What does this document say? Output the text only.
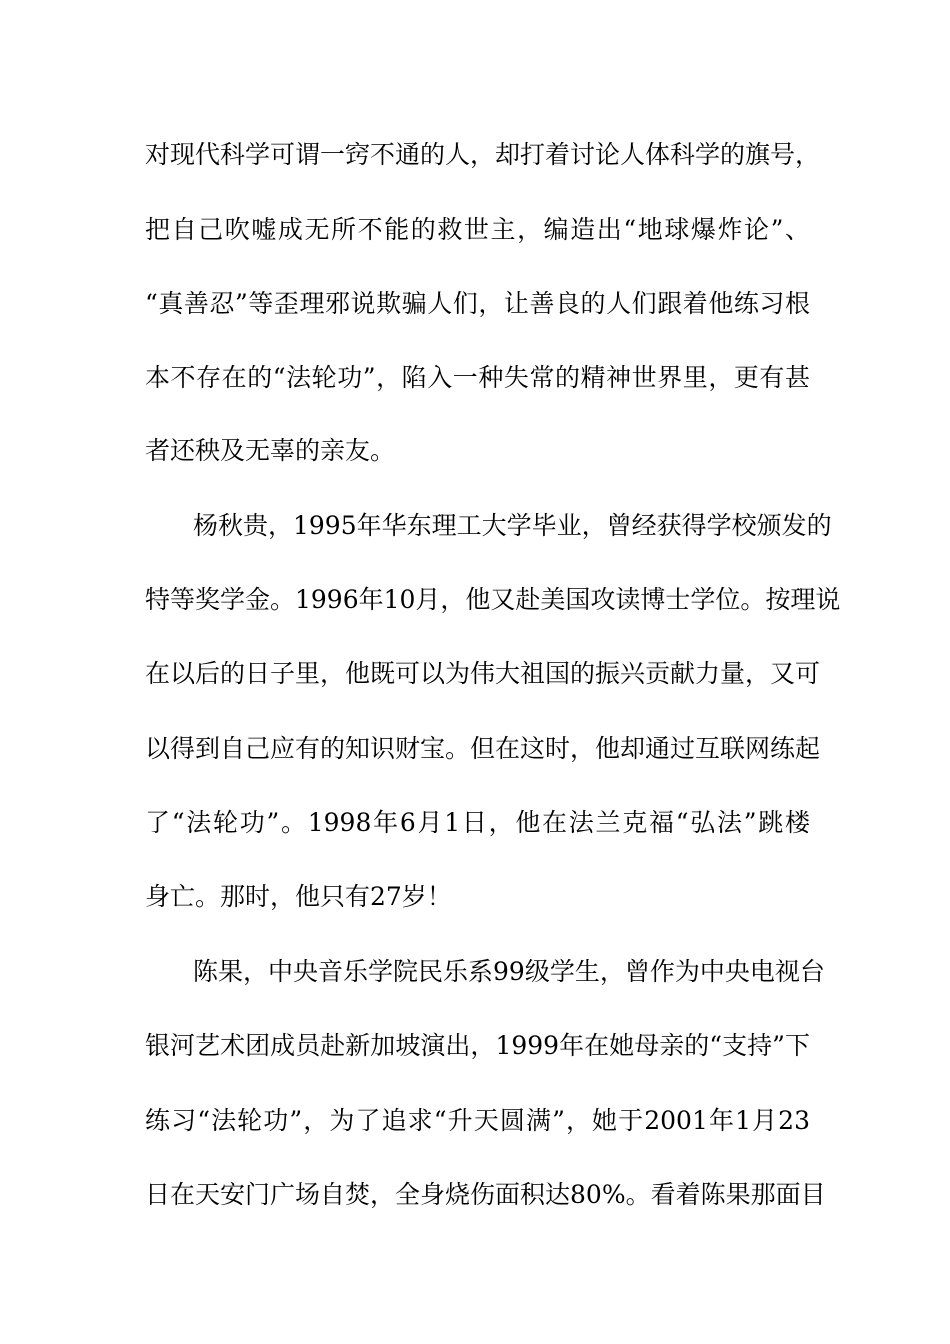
对现代科学可谓一窍不通的人，却打着讨论人体科学的旗号，
把自己吹嘘成无所不能的救世主，编造出“地球爆炸论”、
“真善忍”等歪理邪说欺骗人们，让善良的人们跟着他练习根
本不存在的“法轮功”，陷入一种失常的精神世界里，更有甚
者还秧及无辜的亲友。
杨秋贵，1995年华东理工大学毕业，曾经获得学校颁发的
特等奖学金。1996年10月，他又赴美国攻读博士学位。按理说
在以后的日子里，他既可以为伟大祖国的振兴贡献力量，又可
以得到自己应有的知识财宝。但在这时，他却通过互联网练起
了“法轮功”。1998年6月1日，他在法兰克福“弘法”跳楼
身亡。那时，他只有27岁！
陈果，中央音乐学院民乐系99级学生，曾作为中央电视台
银河艺术团成员赴新加坡演出，1999年在她母亲的“支持”下
练习“法轮功”，为了追求“升天圆满”，她于2001年1月23
日在天安门广场自焚，全身烧伤面积达80%。看着陈果那面目
